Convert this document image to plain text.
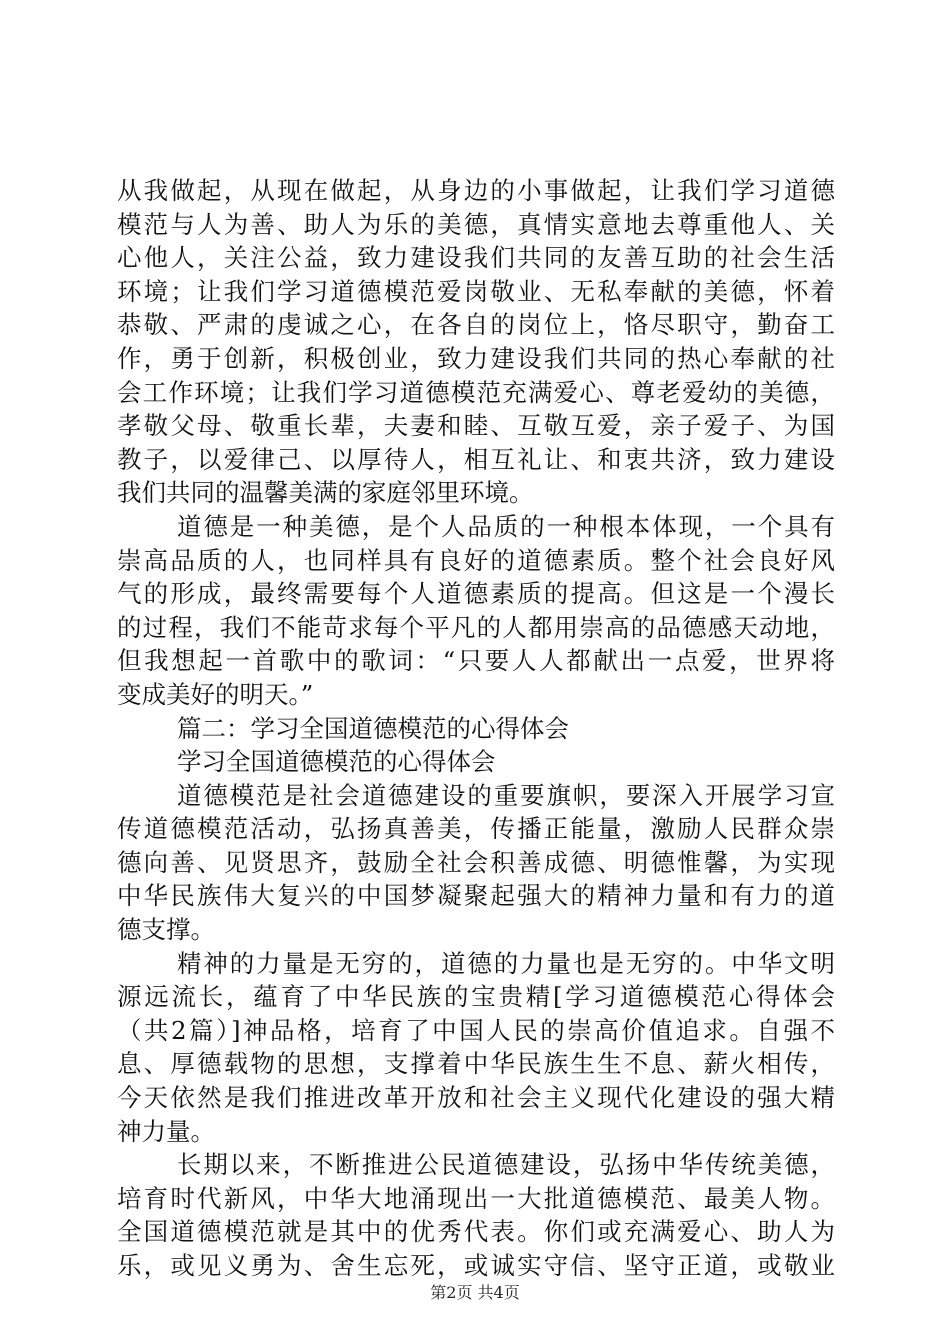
从我做起，从现在做起，从身边的小事做起，让我们学习道德
模范与人为善、助人为乐的美德，真情实意地去尊重他人、关
心他人，关注公益，致力建设我们共同的友善互助的社会生活
环境；让我们学习道德模范爱岗敬业、无私奉献的美德，怀着
恭敬、严肃的虔诚之心，在各自的岗位上，恪尽职守，勤奋工
作，勇于创新，积极创业，致力建设我们共同的热心奉献的社
会工作环境；让我们学习道德模范充满爱心、尊老爱幼的美德，
孝敬父母、敬重长辈，夫妻和睦、互敬互爱，亲子爱子、为国
教子，以爱律己、以厚待人，相互礼让、和衷共济，致力建设
我们共同的温馨美满的家庭邻里环境。
道德是一种美德，是个人品质的一种根本体现，一个具有
崇高品质的人，也同样具有良好的道德素质。整个社会良好风
气的形成，最终需要每个人道德素质的提高。但这是一个漫长
的过程，我们不能苛求每个平凡的人都用崇高的品德感天动地，
但我想起一首歌中的歌词：“只要人人都献出一点爱，世界将
变成美好的明天。”
篇二：学习全国道德模范的心得体会
学习全国道德模范的心得体会
道德模范是社会道德建设的重要旗帜，要深入开展学习宣
传道德模范活动，弘扬真善美，传播正能量，激励人民群众崇
德向善、见贤思齐，鼓励全社会积善成德、明德惟馨，为实现
中华民族伟大复兴的中国梦凝聚起强大的精神力量和有力的道
德支撑。
精神的力量是无穷的，道德的力量也是无穷的。中华文明
源远流长，蕴育了中华民族的宝贵精[学习道德模范心得体会
（共2篇）]神品格，培育了中国人民的崇高价值追求。自强不
息、厚德载物的思想，支撑着中华民族生生不息、薪火相传，
今天依然是我们推进改革开放和社会主义现代化建设的强大精
神力量。
长期以来，不断推进公民道德建设，弘扬中华传统美德，
培育时代新风，中华大地涌现出一大批道德模范、最美人物。
全国道德模范就是其中的优秀代表。你们或充满爱心、助人为
乐，或见义勇为、舍生忘死，或诚实守信、坚守正道，或敬业
第2页 共4页
